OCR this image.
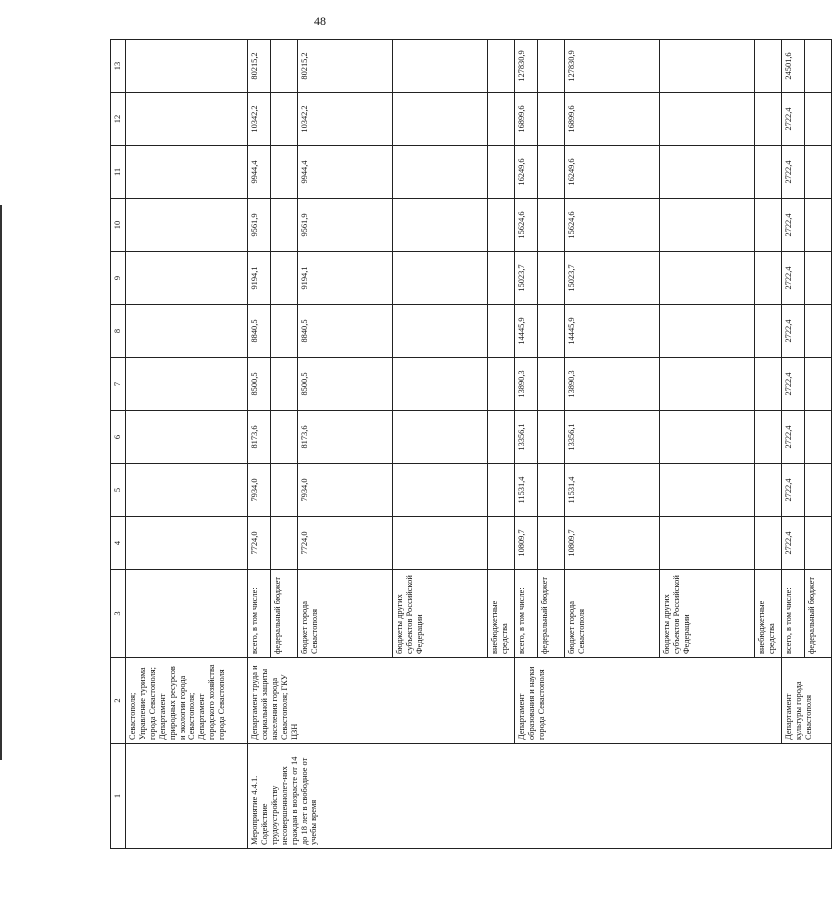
48
1	2	3	4	5	6	7	8	9	10	11	12	13
	Севастополя; Управление туризма города Севастополя; Департамент природных ресурсов и экологии города Севастополя; Департамент городского хозяйства города Севастополя											
Мероприятие 4.4.1. Содействие трудоустройству несовершеннолет-них граждан в возрасте от 14 до 18 лет в свободное от учебы время	Департамент труда и социальной защиты населения города Севастополя; ГКУ ЦЗН	всего, в том числе:	7724,0	7934,0	8173,6	8500,5	8840,5	9194,1	9561,9	9944,4	10342,2	80215,2
		федеральный бюджет										
		бюджет города Севастополя	7724,0	7934,0	8173,6	8500,5	8840,5	9194,1	9561,9	9944,4	10342,2	80215,2
		бюджеты других субъектов Российской Федерации										
		внебюджетные средства										
	Департамент образования и науки города Севастополя	всего, в том числе:	10809,7	11531,4	13356,1	13890,3	14445,9	15023,7	15624,6	16249,6	16899,6	127830,9
		федеральный бюджет										
		бюджет города Севастополя	10809,7	11531,4	13356,1	13890,3	14445,9	15023,7	15624,6	16249,6	16899,6	127830,9
		бюджеты других субъектов Российской Федерации										
		внебюджетные средства										
	Департамент культуры города Севастополя	всего, в том числе:	2722,4	2722,4	2722,4	2722,4	2722,4	2722,4	2722,4	2722,4	2722,4	24501,6
		федеральный бюджет										
